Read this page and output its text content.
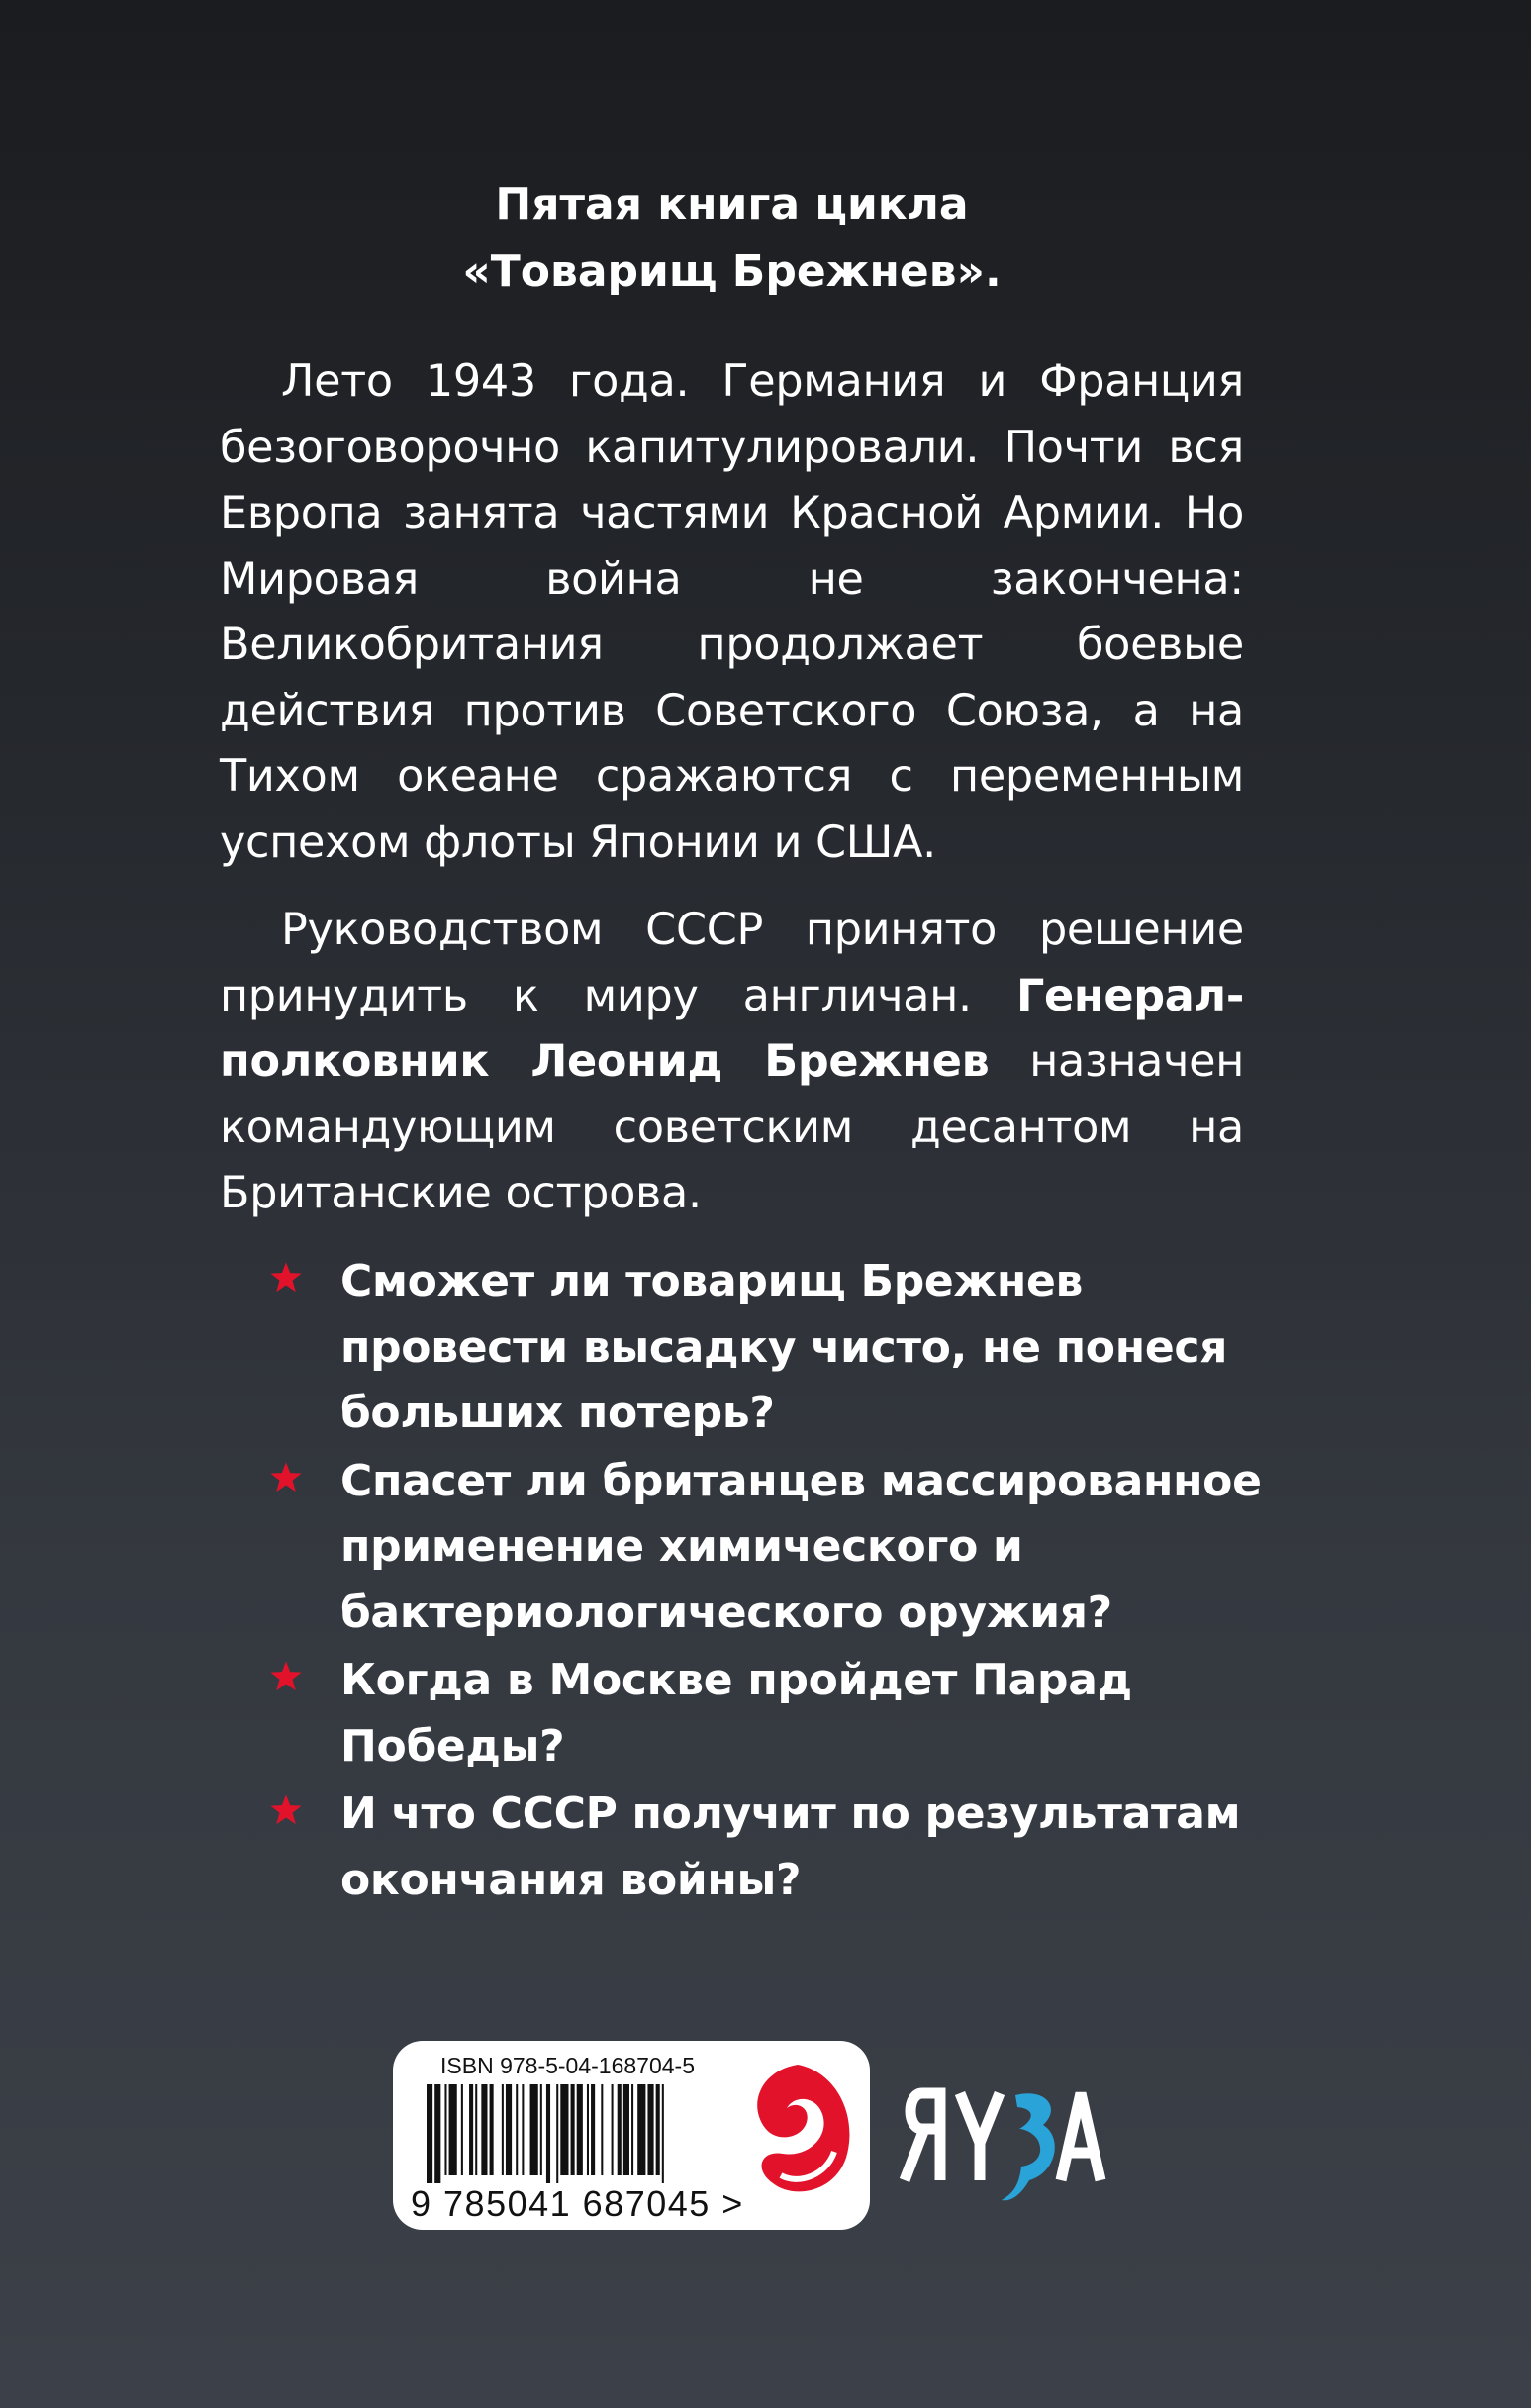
Пятая книга цикла
«Товарищ Брежнев».

Лето 1943 года. Германия и Франция безоговорочно капитулировали. Почти вся Европа занята частями Красной Армии. Но Мировая война не закончена: Великобритания продолжает боевые действия против Советского Союза, а на Тихом океане сражаются с переменным успехом флоты Японии и США.

Руководством СССР принято решение принудить к миру англичан. Генерал-полковник Леонид Брежнев назначен командующим советским десантом на Британские острова.

Сможет ли товарищ Брежнев провести высадку чисто, не понеся больших потерь?
Спасет ли британцев массированное применение химического и бактериологического оружия?
Когда в Москве пройдет Парад Победы?
И что СССР получит по результатам окончания войны?
ISBN 978-5-04-168704-5
9 785041 687045 >
